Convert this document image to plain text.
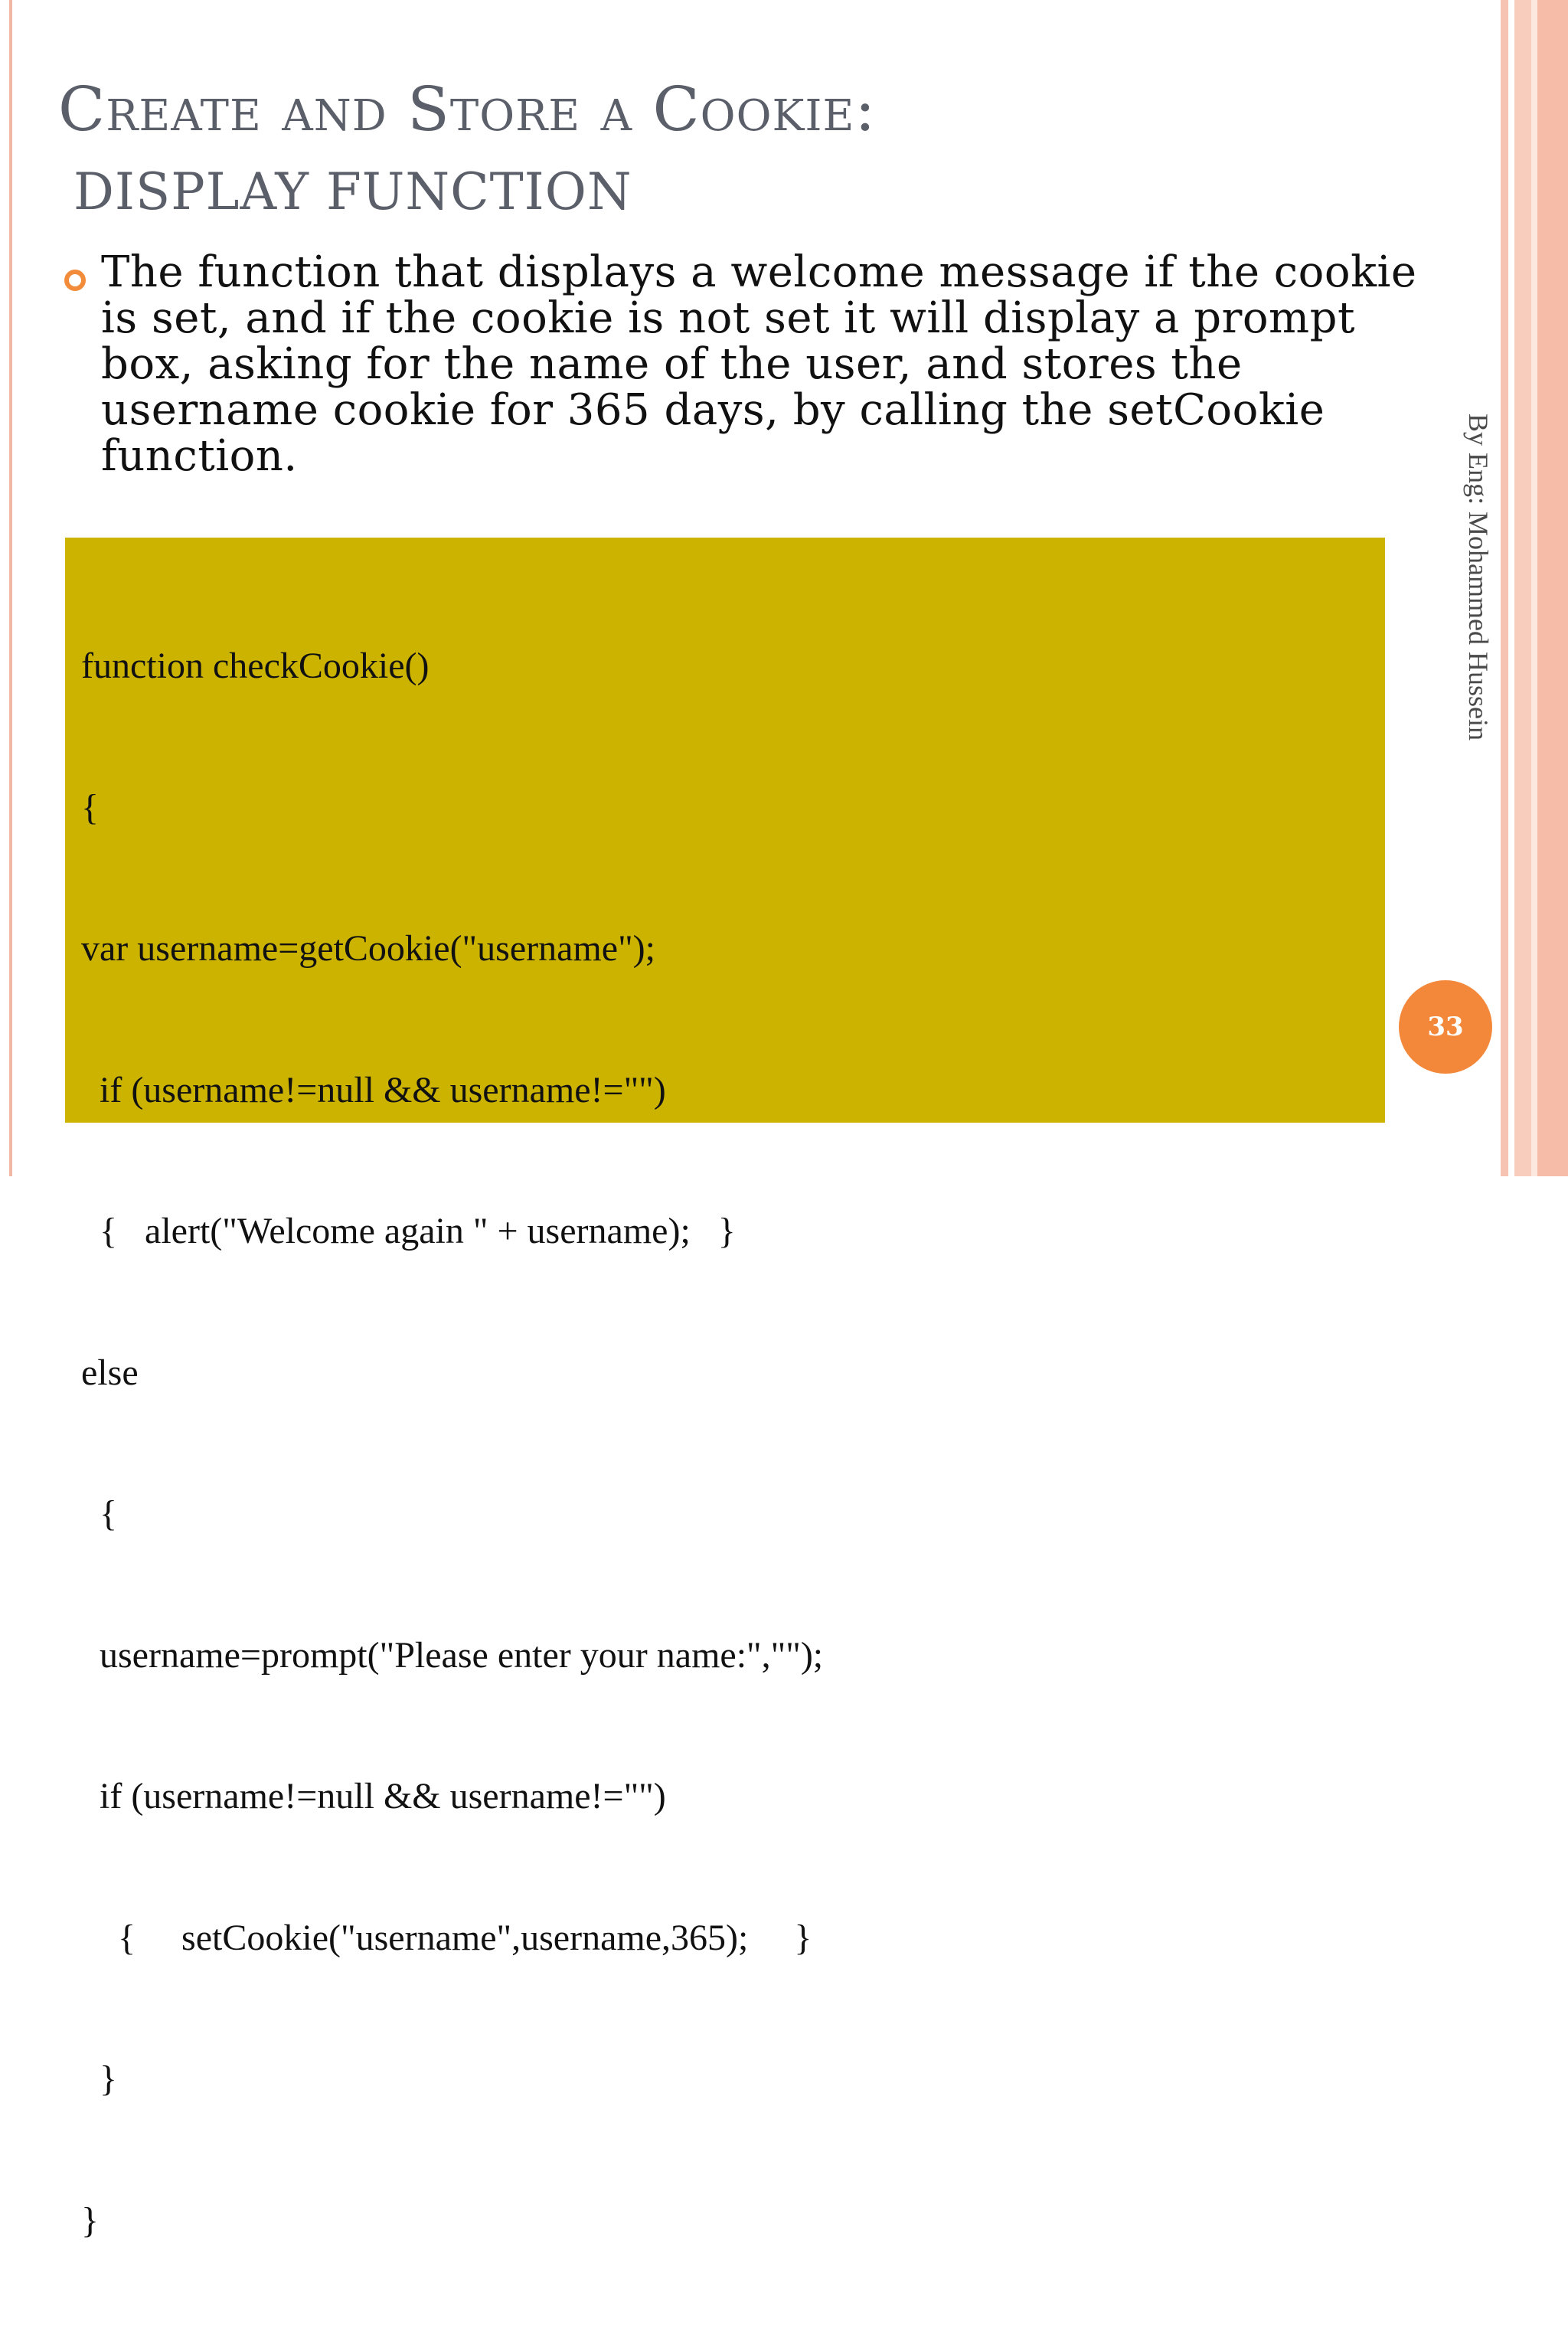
Create and Store a Cookie:
DISPLAY FUNCTION
The function that displays a welcome message if the cookie is set, and if the cookie is not set it will display a prompt box, asking for the name of the user, and stores the username cookie for 365 days, by calling the setCookie function.

function checkCookie()

{

var username=getCookie("username");

if (username!=null && username!="")

{   alert("Welcome again " + username);   }

else

{

username=prompt("Please enter your name:","");

if (username!=null && username!="")

{     setCookie("username",username,365);     }

}

}

By Eng: Mohammed Hussein
33
